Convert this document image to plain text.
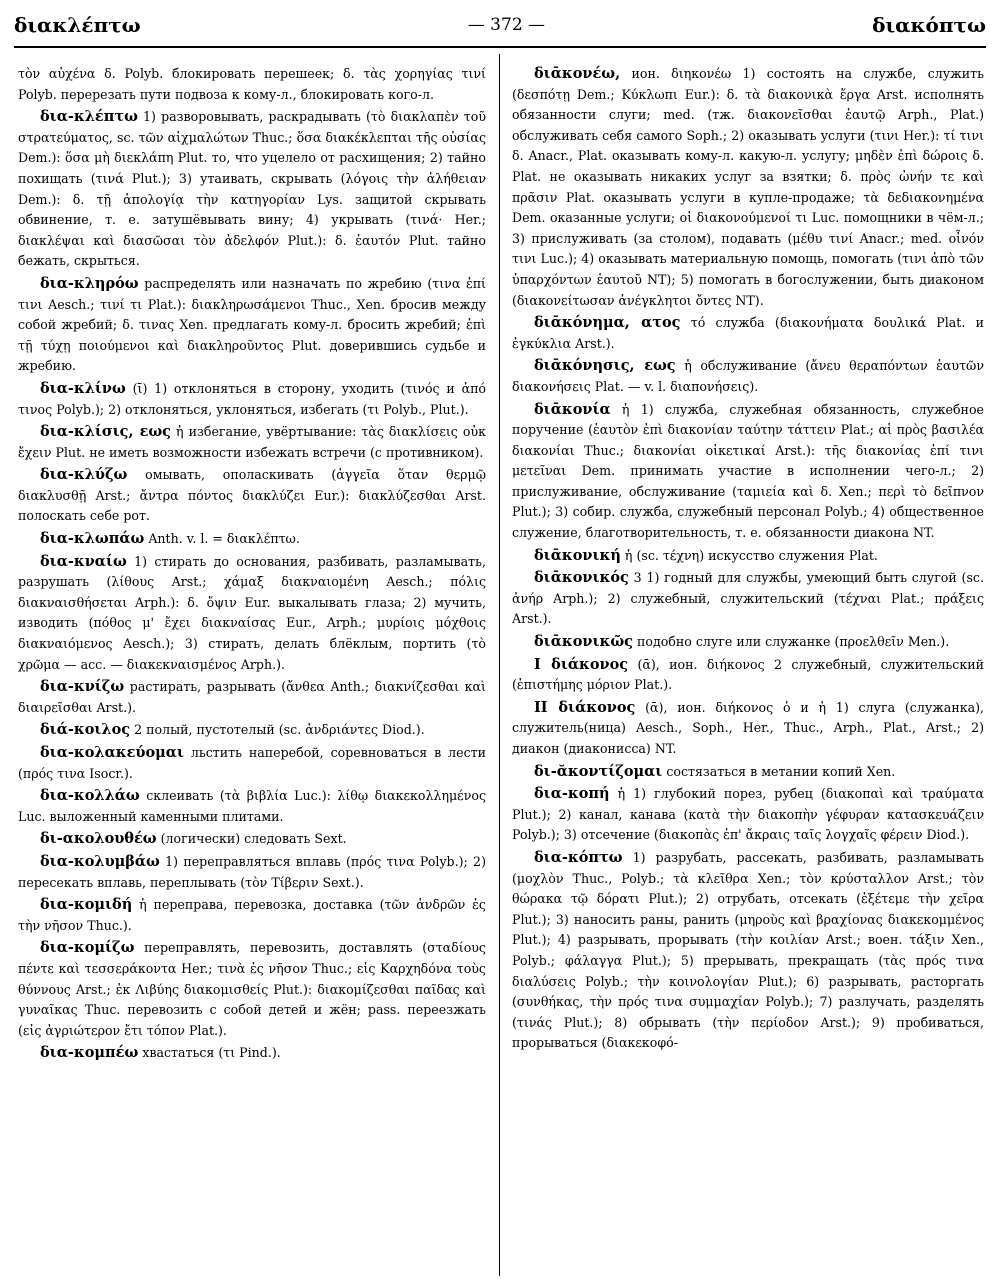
διακλέπτω	— 372 —	διακόπτω

τὸν αὐχένα δ. Polyb. блокировать перешеек; δ. τὰς χορηγίας τινί Polyb. перерезать пути подвоза к кому-л., блокировать кого-л.

δια-κλέπτω 1) разворовывать, раскрадывать (τὸ διακλαπὲν τοῦ στρατεύματος, sc. τῶν αἰχμαλώτων Thuc.; ὅσα διακέκλεπται τῆς οὐσίας Dem.): ὅσα μὴ διεκλάπη Plut. то, что уцелело от расхищения; 2) тайно похищать (τινά Plut.); 3) утаивать, скрывать (λόγοις τὴν ἀλήθειαν Dem.): δ. τῇ ἀπολογίᾳ τὴν κατηγορίαν Lys. защитой скрывать обвинение, т. е. затушёвывать вину; 4) укрывать (τινά· Her.; διακλέψαι καὶ διασῶσαι τὸν ἀδελφόν Plut.): δ. ἑαυτόν Plut. тайно бежать, скрыться.

δια-κληρόω распределять или назначать по жребию (τινα ἐπί τινι Aesch.; τινί τι Plat.): διακληρωσάμενοι Thuc., Xen. бросив между собой жребий; δ. τινας Xen. предлагать кому-л. бросить жребий; ἐπὶ τῇ τύχῃ ποιούμενοι καὶ διακληροῦντος Plut. доверившись судьбе и жребию.

δια-κλίνω (ῑ) 1) отклоняться в сторону, уходить (τινός и ἀπό τινος Polyb.); 2) отклоняться, уклоняться, избегать (τι Polyb., Plut.).

δια-κλίσις, εως ἡ избегание, увёртывание: τὰς διακλίσεις οὐκ ἔχειν Plut. не иметь возможности избежать встречи (с противником).

δια-κλύζω омывать, ополаскивать (ἀγγεῖα ὅταν θερμῷ διακλυσθῇ Arst.; ἄντρα πόντος διακλύζει Eur.): διακλύζεσθαι Arst. полоскать себе рот.

δια-κλωπάω Anth. v. l. = διακλέπτω.

δια-κναίω 1) стирать до основания, разбивать, разламывать, разрушать (λίθους Arst.; χάμαξ διακναιομένη Aesch.; πόλις διακναισθήσεται Arph.): δ. ὄψιν Eur. выкалывать глаза; 2) мучить, изводить (πόθος μ' ἔχει διακναίσας Eur., Arph.; μυρίοις μόχθοις διακναιόμενος Aesch.); 3) стирать, делать блёклым, портить (τὸ χρῶμα — acc. — διακεκναισμένος Arph.).

δια-κνίζω растирать, разрывать (ἄνθεα Anth.; διακνίζεσθαι καὶ διαιρεῖσθαι Arst.).

διά-κοιλος 2 полый, пустотелый (sc. ἀνδριάντες Diod.).

δια-κολακεύομαι льстить наперебой, соревноваться в лести (πρός τινα Isocr.).

δια-κολλάω склеивать (τὰ βιβλία Luc.): λίθῳ διακεκολλημένος Luc. выложенный каменными плитами.

δι-ακολουθέω (логически) следовать Sext.

δια-κολυμβάω 1) переправляться вплавь (πρός τινα Polyb.); 2) пересекать вплавь, переплывать (τὸν Τίβεριν Sext.).

δια-κομιδή ἡ переправа, перевозка, доставка (τῶν ἀνδρῶν ἐς τὴν νῆσον Thuc.).

δια-κομίζω переправлять, перевозить, доставлять (σταδίους πέντε καὶ τεσσεράκοντα Her.; τινὰ ἐς νῆσον Thuc.; εἰς Καρχηδόνα τοὺς θύννους Arst.; ἐκ Λιβύης διακομισθείς Plut.): διακομίζεσθαι παῖδας καὶ γυναῖκας Thuc. перевозить с собой детей и жён; pass. переезжать (εἰς ἀγριώτερον ἔτι τόπον Plat.).

δια-κομπέω хвастаться (τι Pind.).

διᾱκονέω, ион. διηκονέω 1) состоять на службе, служить (δεσπότῃ Dem.; Κύκλωπι Eur.): δ. τὰ διακονικὰ ἔργα Arst. исполнять обязанности слуги; med. (тж. διακονεῖσθαι ἑαυτῷ Arph., Plat.) обслуживать себя самого Soph.; 2) оказывать услуги (τινι Her.): τί τινι δ. Anacr., Plat. оказывать кому-л. какую-л. услугу; μηδὲν ἐπὶ δώροις δ. Plat. не оказывать никаких услуг за взятки; δ. πρὸς ὠνήν τε καὶ πρᾶσιν Plat. оказывать услуги в купле-продаже; τὰ δεδιακονημένα Dem. оказанные услуги; οἱ διακονούμενοί τι Luc. помощники в чём-л.; 3) прислуживать (за столом), подавать (μέθυ τινί Anacr.; med. οἶνόν τινι Luc.); 4) оказывать материальную помощь, помогать (τινι ἀπὸ τῶν ὑπαρχόντων ἑαυτοῦ NT); 5) помогать в богослужении, быть диаконом (διακονείτωσαν ἀνέγκλητοι ὄντες NT).

διᾱκόνημα, ατος τό служба (διακονήματα δουλικά Plat. и ἐγκύκλια Arst.).

διᾱκόνησις, εως ἡ обслуживание (ἄνευ θεραπόντων ἑαυτῶν διακονήσεις Plat. — v. l. διαπονήσεις).

διᾱκονία ἡ 1) служба, служебная обязанность, служебное поручение (ἑαυτὸν ἐπὶ διακονίαν ταύτην τάττειν Plat.; αἱ πρὸς βασιλέα διακονίαι Thuc.; διακονίαι οἰκετικαί Arst.): τῆς διακονίας ἐπί τινι μετεῖναι Dem. принимать участие в исполнении чего-л.; 2) прислуживание, обслуживание (ταμιεία καὶ δ. Xen.; περὶ τὸ δεῖπνον Plut.); 3) собир. служба, служебный персонал Polyb.; 4) общественное служение, благотворительность, т. е. обязанности диакона NT.

διᾱκονική ἡ (sc. τέχνη) искусство служения Plat.

διᾱκονικός 3 1) годный для службы, умеющий быть слугой (sc. ἀνήρ Arph.); 2) служебный, служительский (τέχναι Plat.; πράξεις Arst.).

διᾱκονικῶς подобно слуге или служанке (προελθεῖν Men.).

I διάκονος (ᾱ), ион. διήκονος 2 служебный, служительский (ἐπιστήμης μόριον Plat.).

II διάκονος (ᾱ), ион. διήκονος ὁ и ἡ 1) слуга (служанка), служитель(ница) Aesch., Soph., Her., Thuc., Arph., Plat., Arst.; 2) диакон (диаконисса) NT.

δι-ᾰκοντίζομαι состязаться в метании копий Xen.

δια-κοπή ἡ 1) глубокий порез, рубец (διακοπαὶ καὶ τραύματα Plut.); 2) канал, канава (κατὰ τὴν διακοπὴν γέφυραν κατασκευάζειν Polyb.); 3) отсечение (διακοπὰς ἐπ' ἄκραις ταῖς λογχαῖς φέρειν Diod.).

δια-κόπτω 1) разрубать, рассекать, разбивать, разламывать (μοχλὸν Thuc., Polyb.; τὰ κλεῖθρα Xen.; τὸν κρύσταλλον Arst.; τὸν θώρακα τῷ δόρατι Plut.); 2) отрубать, отсекать (ἐξέτεμε τὴν χεῖρα Plut.); 3) наносить раны, ранить (μηροὺς καὶ βραχίονας διακεκομμένος Plut.); 4) разрывать, прорывать (τὴν κοιλίαν Arst.; воен. τάξιν Xen., Polyb.; φάλαγγα Plut.); 5) прерывать, прекращать (τὰς πρός τινα διαλύσεις Polyb.; τὴν κοινολογίαν Plut.); 6) разрывать, расторгать (συνθήκας, τὴν πρός τινα συμμαχίαν Polyb.); 7) разлучать, разделять (τινάς Plut.); 8) обрывать (τὴν περίοδον Arst.); 9) пробиваться, прорываться (διακεκοφό-
